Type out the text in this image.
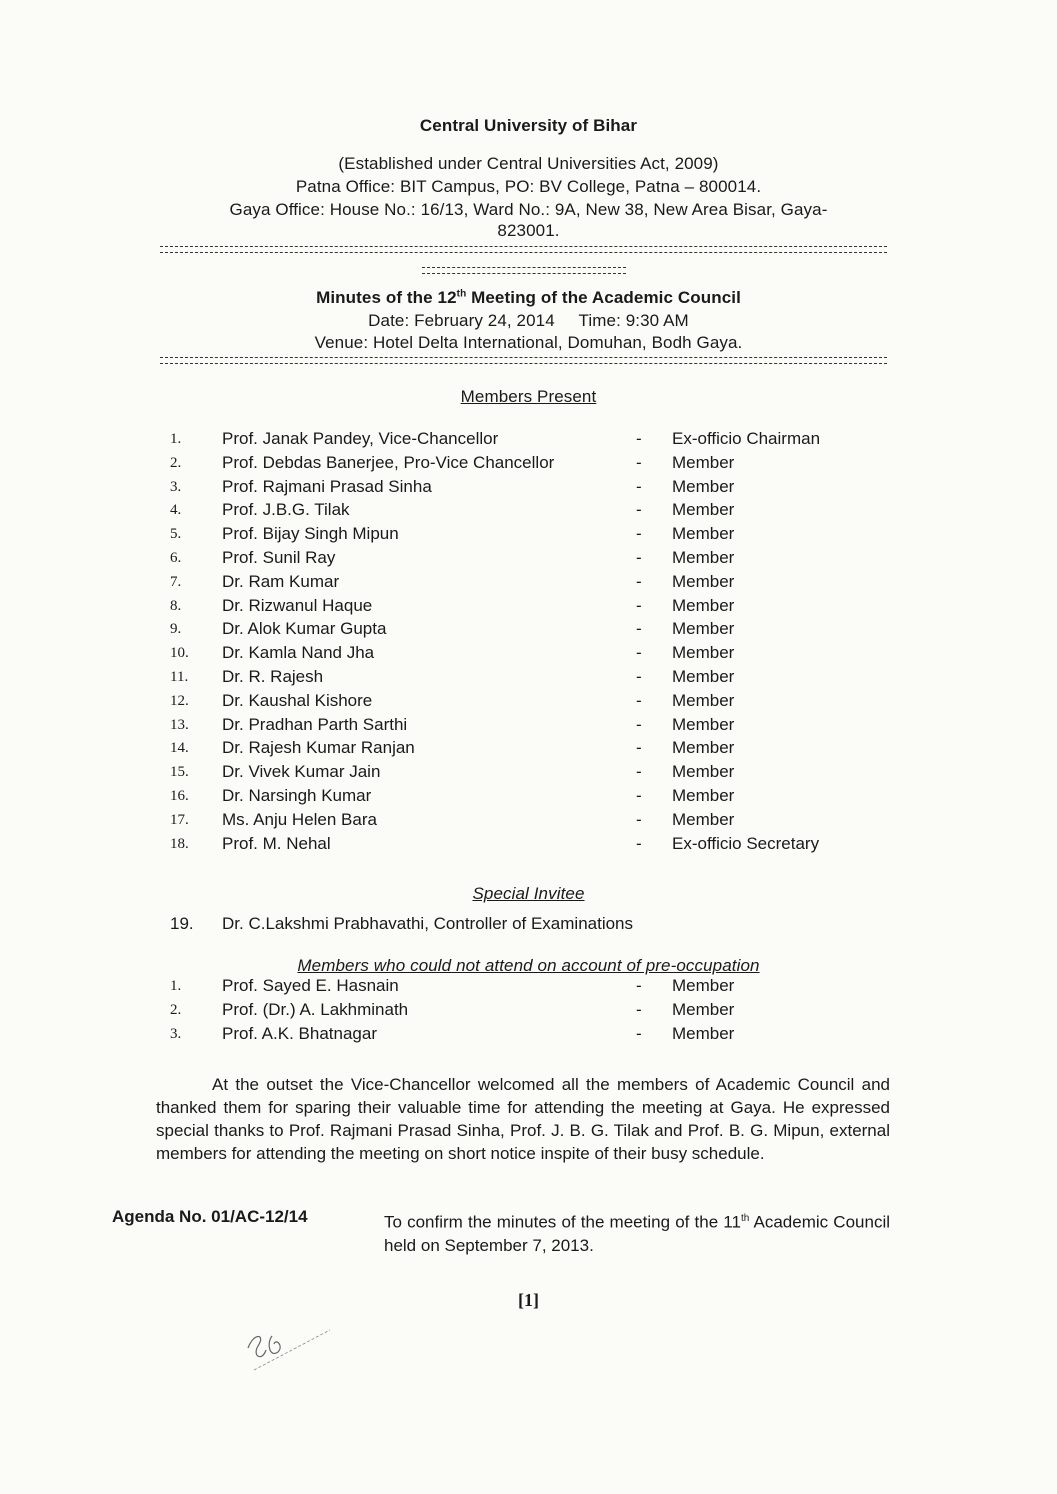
Central University of Bihar
(Established under Central Universities Act, 2009)
Patna Office: BIT Campus, PO: BV College, Patna – 800014.
Gaya Office: House No.: 16/13, Ward No.: 9A, New 38, New Area Bisar, Gaya-
823001.
Minutes of the 12th Meeting of the Academic Council
Date: February 24, 2014     Time: 9:30 AM
Venue: Hotel Delta International, Domuhan, Bodh Gaya.
Members Present
1.	Prof. Janak Pandey, Vice-Chancellor	- Ex-officio Chairman
2.	Prof. Debdas Banerjee, Pro-Vice Chancellor	- Member
3.	Prof. Rajmani Prasad Sinha	- Member
4.	Prof. J.B.G. Tilak	- Member
5.	Prof. Bijay Singh Mipun	- Member
6.	Prof. Sunil Ray	- Member
7.	Dr. Ram Kumar	- Member
8.	Dr. Rizwanul Haque	- Member
9.	Dr. Alok Kumar Gupta	- Member
10.	Dr. Kamla Nand Jha	- Member
11.	Dr. R. Rajesh	- Member
12.	Dr. Kaushal Kishore	- Member
13.	Dr. Pradhan Parth Sarthi	- Member
14.	Dr. Rajesh Kumar Ranjan	- Member
15.	Dr. Vivek Kumar Jain	- Member
16.	Dr. Narsingh Kumar	- Member
17.	Ms. Anju Helen Bara	- Member
18.	Prof. M. Nehal	- Ex-officio Secretary
Special Invitee
19.	Dr. C.Lakshmi Prabhavathi, Controller of Examinations
Members who could not attend on account of pre-occupation
1.	Prof. Sayed E. Hasnain	- Member
2.	Prof. (Dr.) A. Lakhminath	- Member
3.	Prof. A.K. Bhatnagar	- Member
At the outset the Vice-Chancellor welcomed all the members of Academic Council and thanked them for sparing their valuable time for attending the meeting at Gaya. He expressed special thanks to Prof. Rajmani Prasad Sinha, Prof. J. B. G. Tilak and Prof. B. G. Mipun, external members for attending the meeting on short notice inspite of their busy schedule.
Agenda No. 01/AC-12/14	To confirm the minutes of the meeting of the 11th Academic Council held on September 7, 2013.
[1]
